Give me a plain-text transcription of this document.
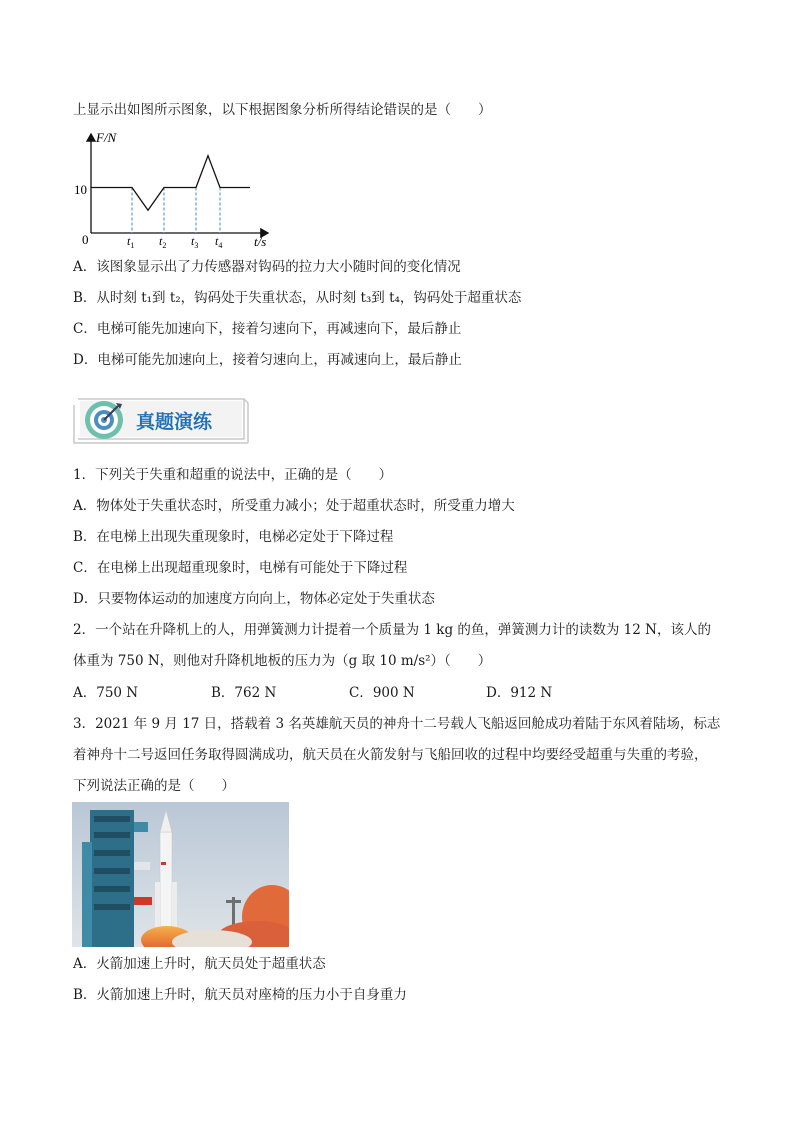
上显示出如图所示图象，以下根据图象分析所得结论错误的是（　　）
F/N
t/s
10
0	$t_1$ $t_2$ $t_3$ $t_4$
A．该图象显示出了力传感器对钩码的拉力大小随时间的变化情况
B．从时刻 t₁到 t₂，钩码处于失重状态，从时刻 t₃到 t₄，钩码处于超重状态
C．电梯可能先加速向下，接着匀速向下，再减速向下，最后静止
D．电梯可能先加速向上，接着匀速向上，再减速向上，最后静止
真题演练
1．下列关于失重和超重的说法中，正确的是（　　）
A．物体处于失重状态时，所受重力减小；处于超重状态时，所受重力增大
B．在电梯上出现失重现象时，电梯必定处于下降过程
C．在电梯上出现超重现象时，电梯有可能处于下降过程
D．只要物体运动的加速度方向向上，物体必定处于失重状态
2．一个站在升降机上的人，用弹簧测力计提着一个质量为 1 kg 的鱼，弹簧测力计的读数为 12 N，该人的
体重为 750 N，则他对升降机地板的压力为（g 取 10 m/s²）（　　）
A．750 N	B．762 N	C．900 N	D．912 N
3．2021 年 9 月 17 日，搭载着 3 名英雄航天员的神舟十二号载人飞船返回舱成功着陆于东风着陆场，标志
着神舟十二号返回任务取得圆满成功，航天员在火箭发射与飞船回收的过程中均要经受超重与失重的考验，
下列说法正确的是（　　）
A．火箭加速上升时，航天员处于超重状态
B．火箭加速上升时，航天员对座椅的压力小于自身重力
